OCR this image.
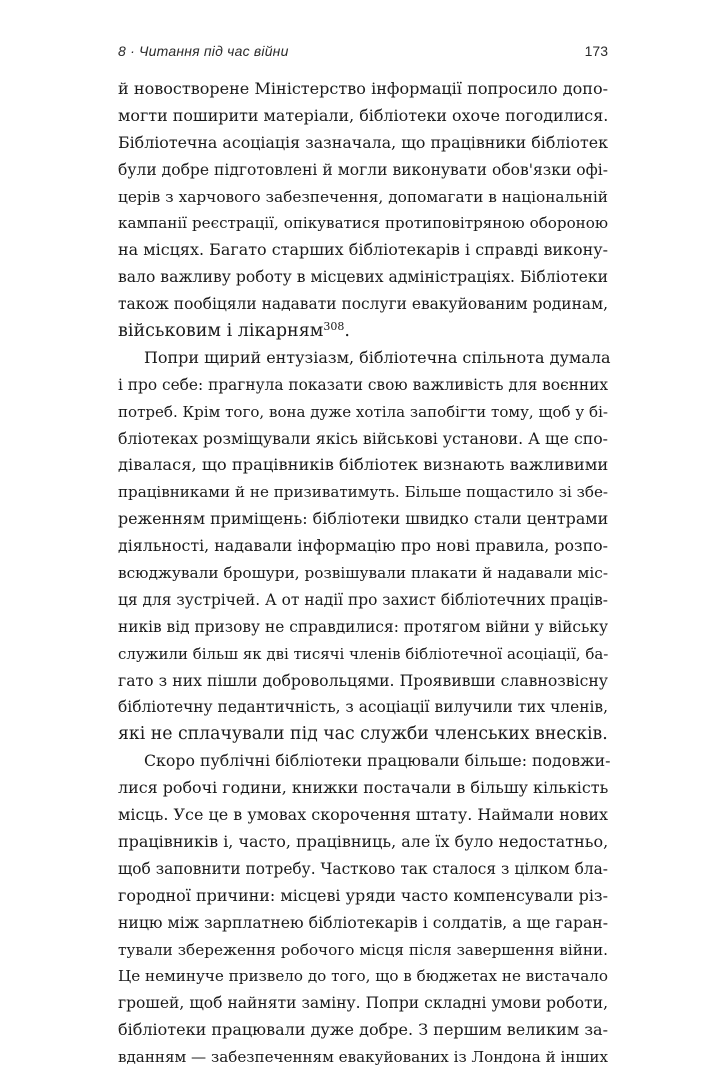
8 · Читання під час війни	173
й новостворене Міністерство інформації попросило допо-
могти поширити матеріали, бібліотеки охоче погодилися.
Бібліотечна асоціація зазначала, що працівники бібліотек
були добре підготовлені й могли виконувати обов'язки офі-
церів з харчового забезпечення, допомагати в національній
кампанії реєстрації, опікуватися протиповітряною обороною
на місцях. Багато старших бібліотекарів і справді викону-
вало важливу роботу в місцевих адміністраціях. Бібліотеки
також пообіцяли надавати послуги евакуйованим родинам,
військовим і лікарням$^{308}$.
Попри щирий ентузіазм, бібліотечна спільнота думала
і про себе: прагнула показати свою важливість для воєнних
потреб. Крім того, вона дуже хотіла запобігти тому, щоб у бі-
бліотеках розміщували якісь військові установи. А ще спо-
дівалася, що працівників бібліотек визнають важливими
працівниками й не призиватимуть. Більше пощастило зі збе-
реженням приміщень: бібліотеки швидко стали центрами
діяльності, надавали інформацію про нові правила, розпо-
всюджували брошури, розвішували плакати й надавали міс-
ця для зустрічей. А от надії про захист бібліотечних праців-
ників від призову не справдилися: протягом війни у війську
служили більш як дві тисячі членів бібліотечної асоціації, ба-
гато з них пішли добровольцями. Проявивши славнозвісну
бібліотечну педантичність, з асоціації вилучили тих членів,
які не сплачували під час служби членських внесків.
Скоро публічні бібліотеки працювали більше: подовжи-
лися робочі години, книжки постачали в більшу кількість
місць. Усе це в умовах скорочення штату. Наймали нових
працівників і, часто, працівниць, але їх було недостатньо,
щоб заповнити потребу. Частково так сталося з цілком бла-
городної причини: місцеві уряди часто компенсували різ-
ницю між зарплатнею бібліотекарів і солдатів, а ще гаран-
тували збереження робочого місця після завершення війни.
Це неминуче призвело до того, що в бюджетах не вистачало
грошей, щоб найняти заміну. Попри складні умови роботи,
бібліотеки працювали дуже добре. З першим великим за-
вданням — забезпеченням евакуйованих із Лондона й інших
